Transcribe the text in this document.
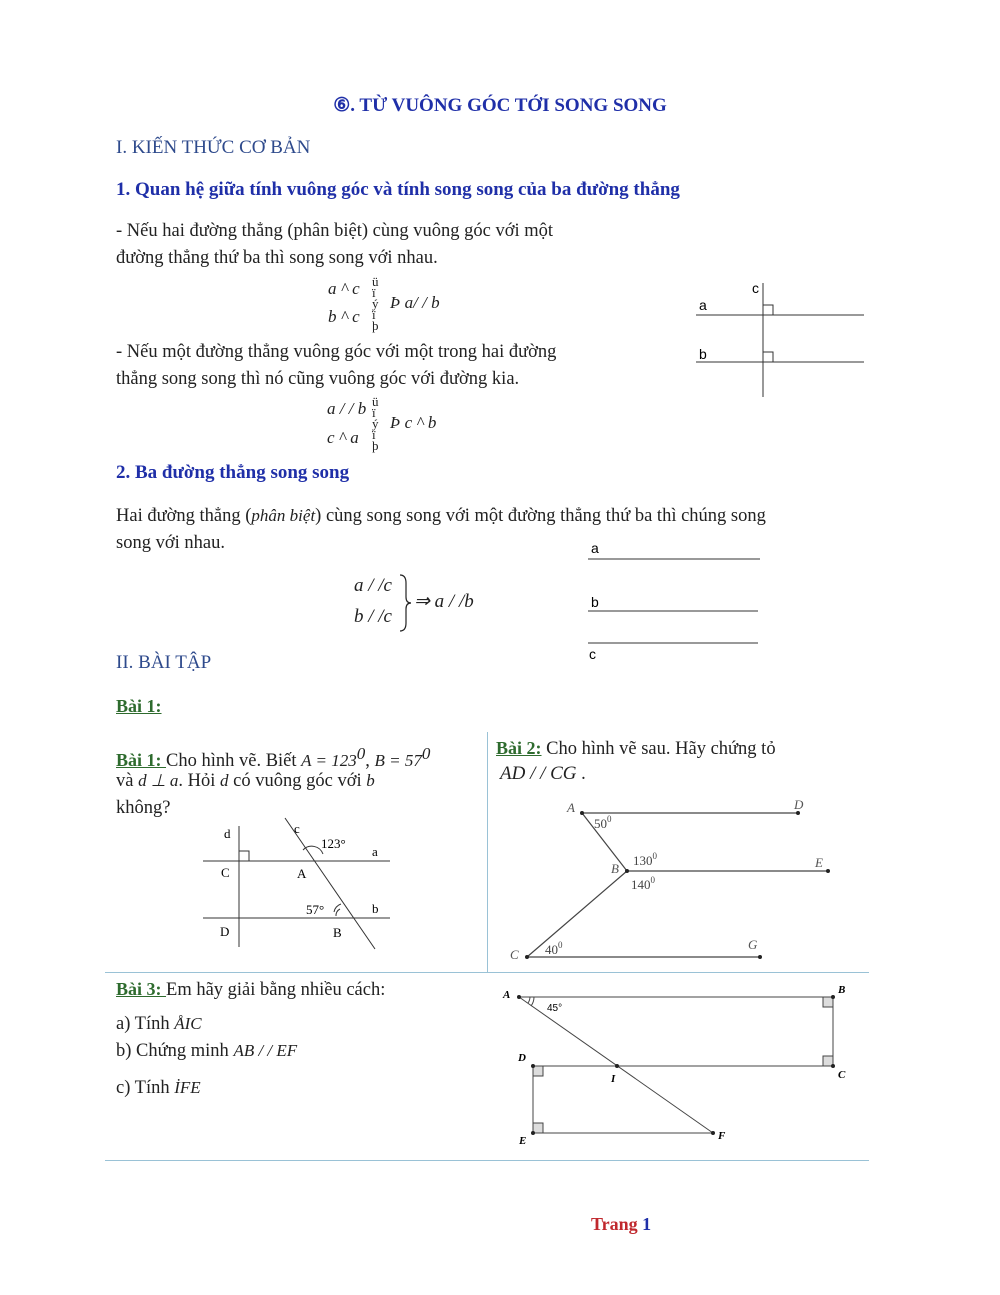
⑥. TỪ VUÔNG GÓC TỚI SONG SONG
I. KIẾN THỨC CƠ BẢN
1. Quan hệ giữa tính vuông góc và tính song song của ba đường thẳng
- Nếu hai đường thẳng (phân biệt) cùng vuông góc với một
đường thẳng thứ ba thì song song với nhau.
a ^ c
b ^ c
ü ï ý ï þ
Þ a/ / b
- Nếu một đường thẳng vuông góc với một trong hai đường
thẳng song song thì nó cũng vuông góc với đường kia.
a / / b
c ^ a
ü ï ý ï þ
Þ c ^ b
c
a
b
2. Ba đường thẳng song song
Hai đường thẳng (phân biệt) cùng song song với một đường thẳng thứ ba thì chúng song
song với nhau.
a / /c
b / /c
⇒ a / /b
a
b
c
II. BÀI TẬP
Bài 1:
Bài 1: Cho hình vẽ. Biết $A = 123^0$, $B = 57^0$
và d ⊥ a. Hỏi d có vuông góc với b
không?
d	c
123°
a
C	A
57°	b
D	B
Bài 2: Cho hình vẽ sau. Hãy chứng tỏ
AD / / CG .
A	D
B	E
C
G
$50^0$
$130^0$
$140^0$
$40^0$
Bài 3: Em hãy giải bằng nhiều cách:
a) Tính ÅIC
b) Chứng minh AB / / EF
c) Tính İFE
A	B
D
I	C
E	F
45°
Trang 1
